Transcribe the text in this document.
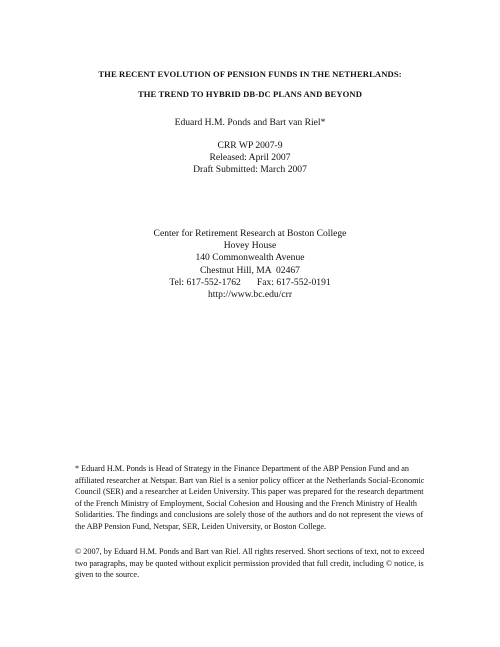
THE RECENT EVOLUTION OF PENSION FUNDS IN THE NETHERLANDS:
THE TREND TO HYBRID DB-DC PLANS AND BEYOND
Eduard H.M. Ponds and Bart van Riel*
CRR WP 2007-9
Released: April 2007
Draft Submitted: March 2007
Center for Retirement Research at Boston College
Hovey House
140 Commonwealth Avenue
Chestnut Hill, MA  02467
Tel: 617-552-1762 Fax: 617-552-0191
http://www.bc.edu/crr

* Eduard H.M. Ponds is Head of Strategy in the Finance Department of the ABP Pension Fund and an affiliated researcher at Netspar. Bart van Riel is a senior policy officer at the Netherlands Social-Economic Council (SER) and a researcher at Leiden University. This paper was prepared for the research department of the French Ministry of Employment, Social Cohesion and Housing and the French Ministry of Health Solidarities. The findings and conclusions are solely those of the authors and do not represent the views of the ABP Pension Fund, Netspar, SER, Leiden University, or Boston College.

© 2007, by Eduard H.M. Ponds and Bart van Riel. All rights reserved. Short sections of text, not to exceed two paragraphs, may be quoted without explicit permission provided that full credit, including © notice, is given to the source.
